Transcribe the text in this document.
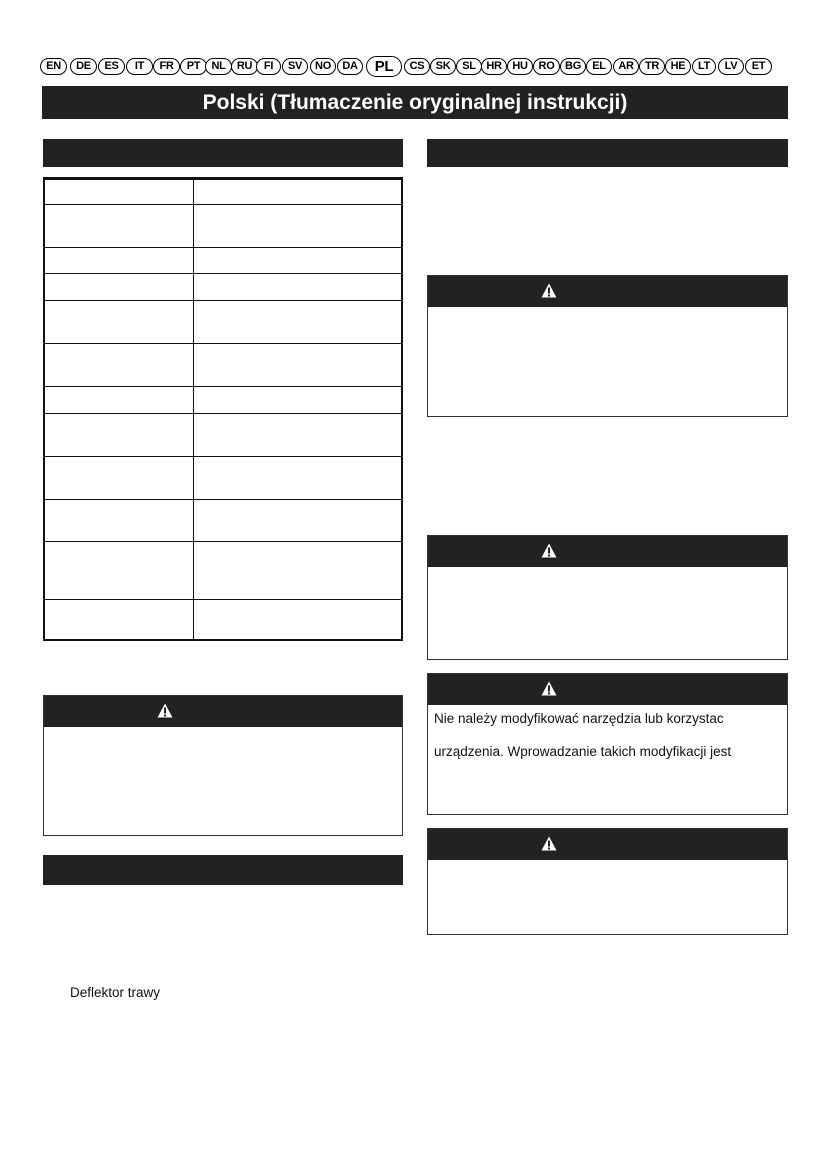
EN	DE	ES	IT	FR	PT	NL	RU	FI	SV	NO	DA	PL	CS	SK	SL HR HU RO BG	EL	AR	TR	HE	LT	LV	ET
Polski (Tłumaczenie oryginalnej instrukcji)
Deflektor trawy
Nie należy modyfikować narzędzia lub korzystac
urządzenia. Wprowadzanie takich modyfikacji jest
